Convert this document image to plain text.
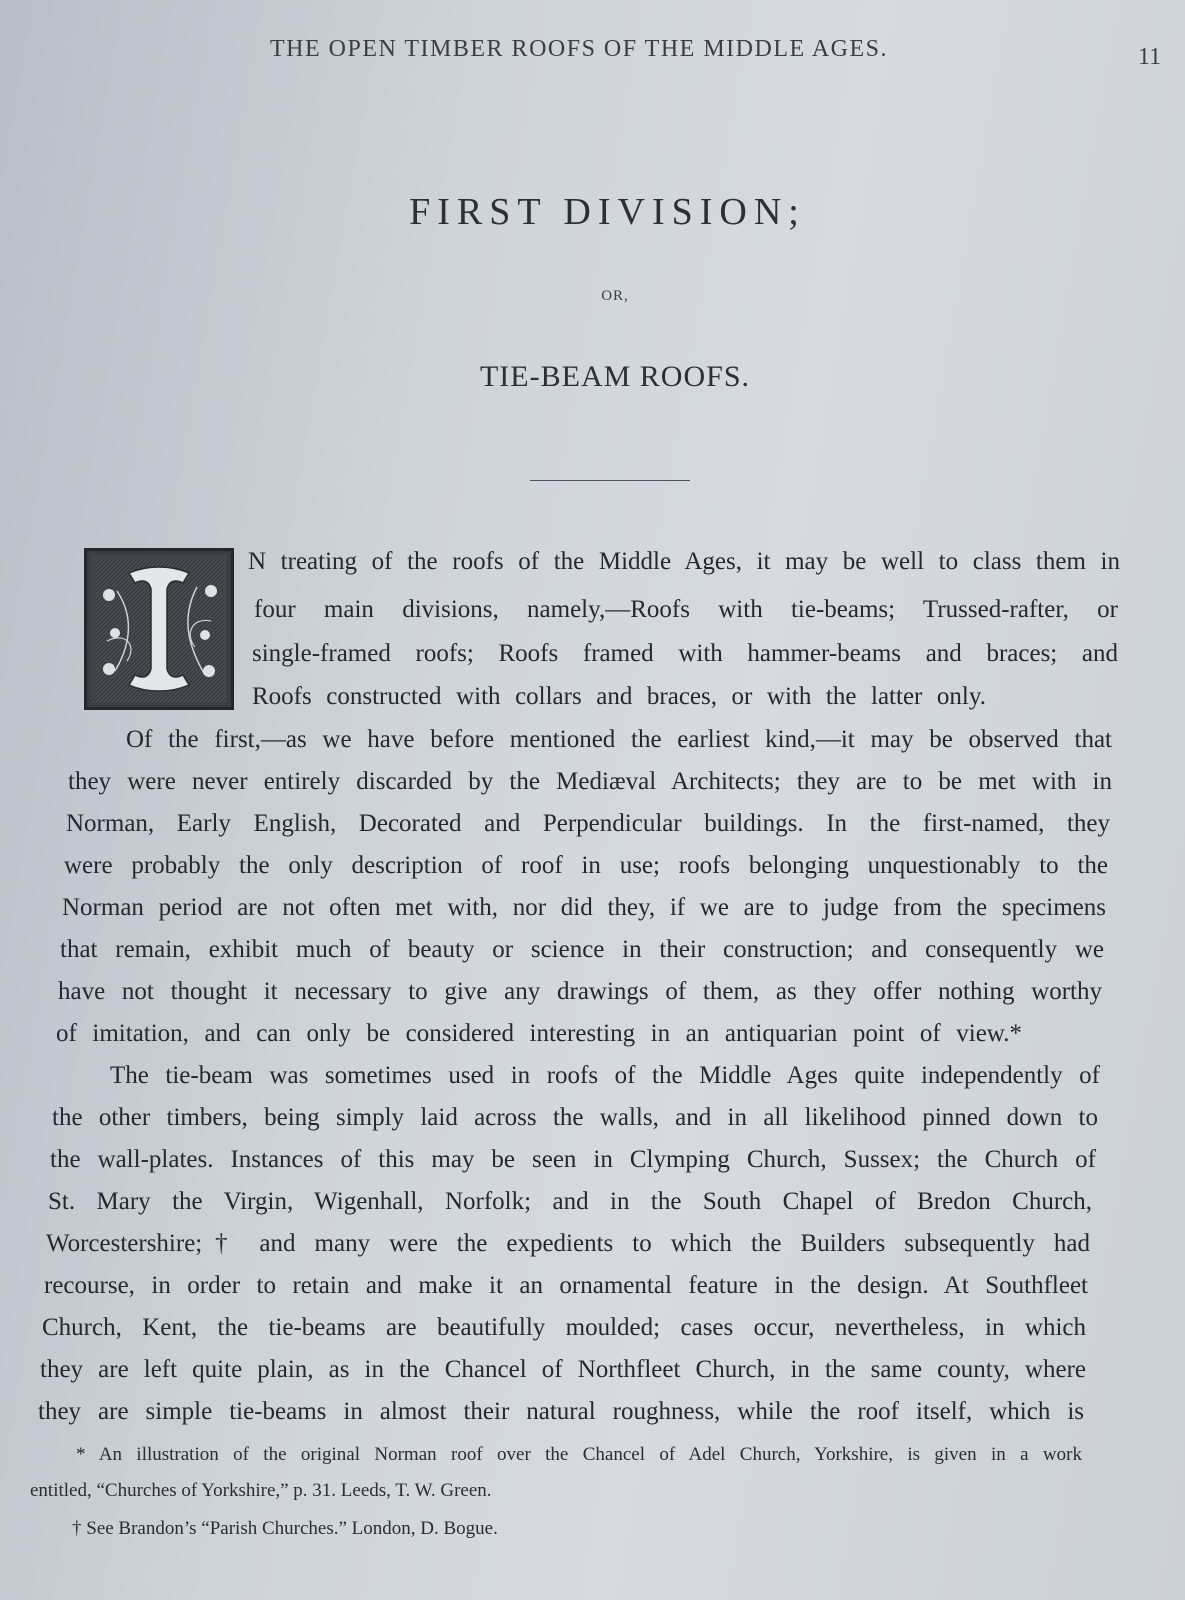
THE OPEN TIMBER ROOFS OF THE MIDDLE AGES.	11
FIRST DIVISION;
OR,
TIE-BEAM ROOFS.
N treating of the roofs of the Middle Ages, it may be well to class them in
four main divisions, namely,—Roofs with tie-beams; Trussed-rafter, or
single-framed roofs; Roofs framed with hammer-beams and braces; and
Roofs constructed with collars and braces, or with the latter only.
Of the first,—as we have before mentioned the earliest kind,—it may be observed that
they were never entirely discarded by the Mediæval Architects; they are to be met with in
Norman, Early English, Decorated and Perpendicular buildings. In the first-named, they
were probably the only description of roof in use; roofs belonging unquestionably to the
Norman period are not often met with, nor did they, if we are to judge from the specimens
that remain, exhibit much of beauty or science in their construction; and consequently we
have not thought it necessary to give any drawings of them, as they offer nothing worthy
of imitation, and can only be considered interesting in an antiquarian point of view.*
The tie-beam was sometimes used in roofs of the Middle Ages quite independently of
the other timbers, being simply laid across the walls, and in all likelihood pinned down to
the wall-plates. Instances of this may be seen in Clymping Church, Sussex; the Church of
St. Mary the Virgin, Wigenhall, Norfolk; and in the South Chapel of Bredon Church,
Worcestershire;† and many were the expedients to which the Builders subsequently had
recourse, in order to retain and make it an ornamental feature in the design. At Southfleet
Church, Kent, the tie-beams are beautifully moulded; cases occur, nevertheless, in which
they are left quite plain, as in the Chancel of Northfleet Church, in the same county, where
they are simple tie-beams in almost their natural roughness, while the roof itself, which is
* An illustration of the original Norman roof over the Chancel of Adel Church, Yorkshire, is given in a work
entitled, “Churches of Yorkshire,” p. 31. Leeds, T. W. Green.
† See Brandon’s “Parish Churches.” London, D. Bogue.
